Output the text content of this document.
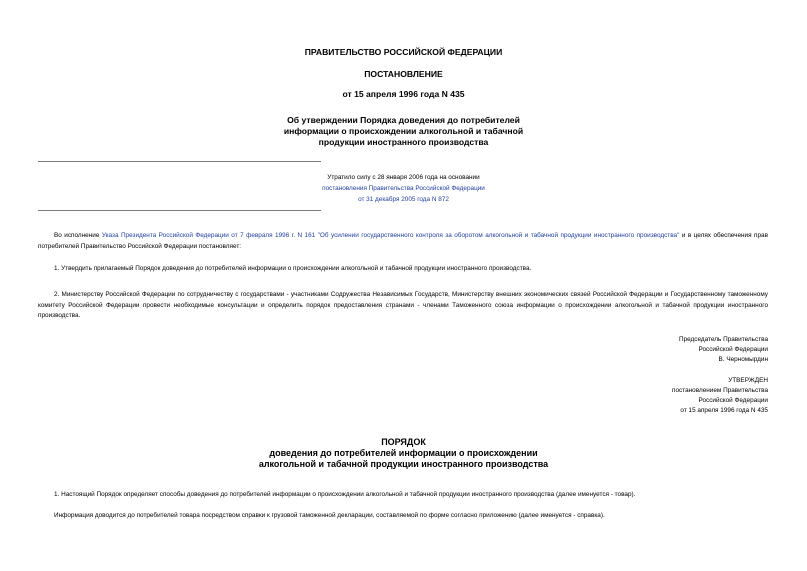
ПРАВИТЕЛЬСТВО РОССИЙСКОЙ ФЕДЕРАЦИИ
ПОСТАНОВЛЕНИЕ
от 15 апреля 1996 года N 435
Об утверждении Порядка доведения до потребителей
информации о происхождении алкогольной и табачной
продукции иностранного производства
Утратило силу с 28 января 2006 года на основании
постановления Правительства Российской Федерации
от 31 декабря 2005 года N 872
Во исполнение Указа Президента Российской Федерации от 7 февраля 1996 г. N 161 "Об усилении государственного контроля за оборотом алкогольной и табачной продукции иностранного производства" и в целях обеспечения прав потребителей Правительство Российской Федерации постановляет:
1. Утвердить прилагаемый Порядок доведения до потребителей информации о происхождении алкогольной и табачной продукции иностранного производства.
2. Министерству Российской Федерации по сотрудничеству с государствами - участниками Содружества Независимых Государств, Министерству внешних экономических связей Российской Федерации и Государственному таможенному комитету Российской Федерации провести необходимые консультации и определить порядок предоставления странами - членами Таможенного союза информации о происхождении алкогольной и табачной продукции иностранного производства.
Председатель Правительства
Российской Федерации
В. Черномырдин
УТВЕРЖДЕН
постановлением Правительства
Российской Федерации
от 15 апреля 1996 года N 435
ПОРЯДОК
доведения до потребителей информации о происхождении
алкогольной и табачной продукции иностранного производства
1. Настоящий Порядок определяет способы доведения до потребителей информации о происхождении алкогольной и табачной продукции иностранного производства (далее именуется - товар).
Информация доводится до потребителей товара посредством справки к грузовой таможенной декларации, составляемой по форме согласно приложению (далее именуется - справка).
